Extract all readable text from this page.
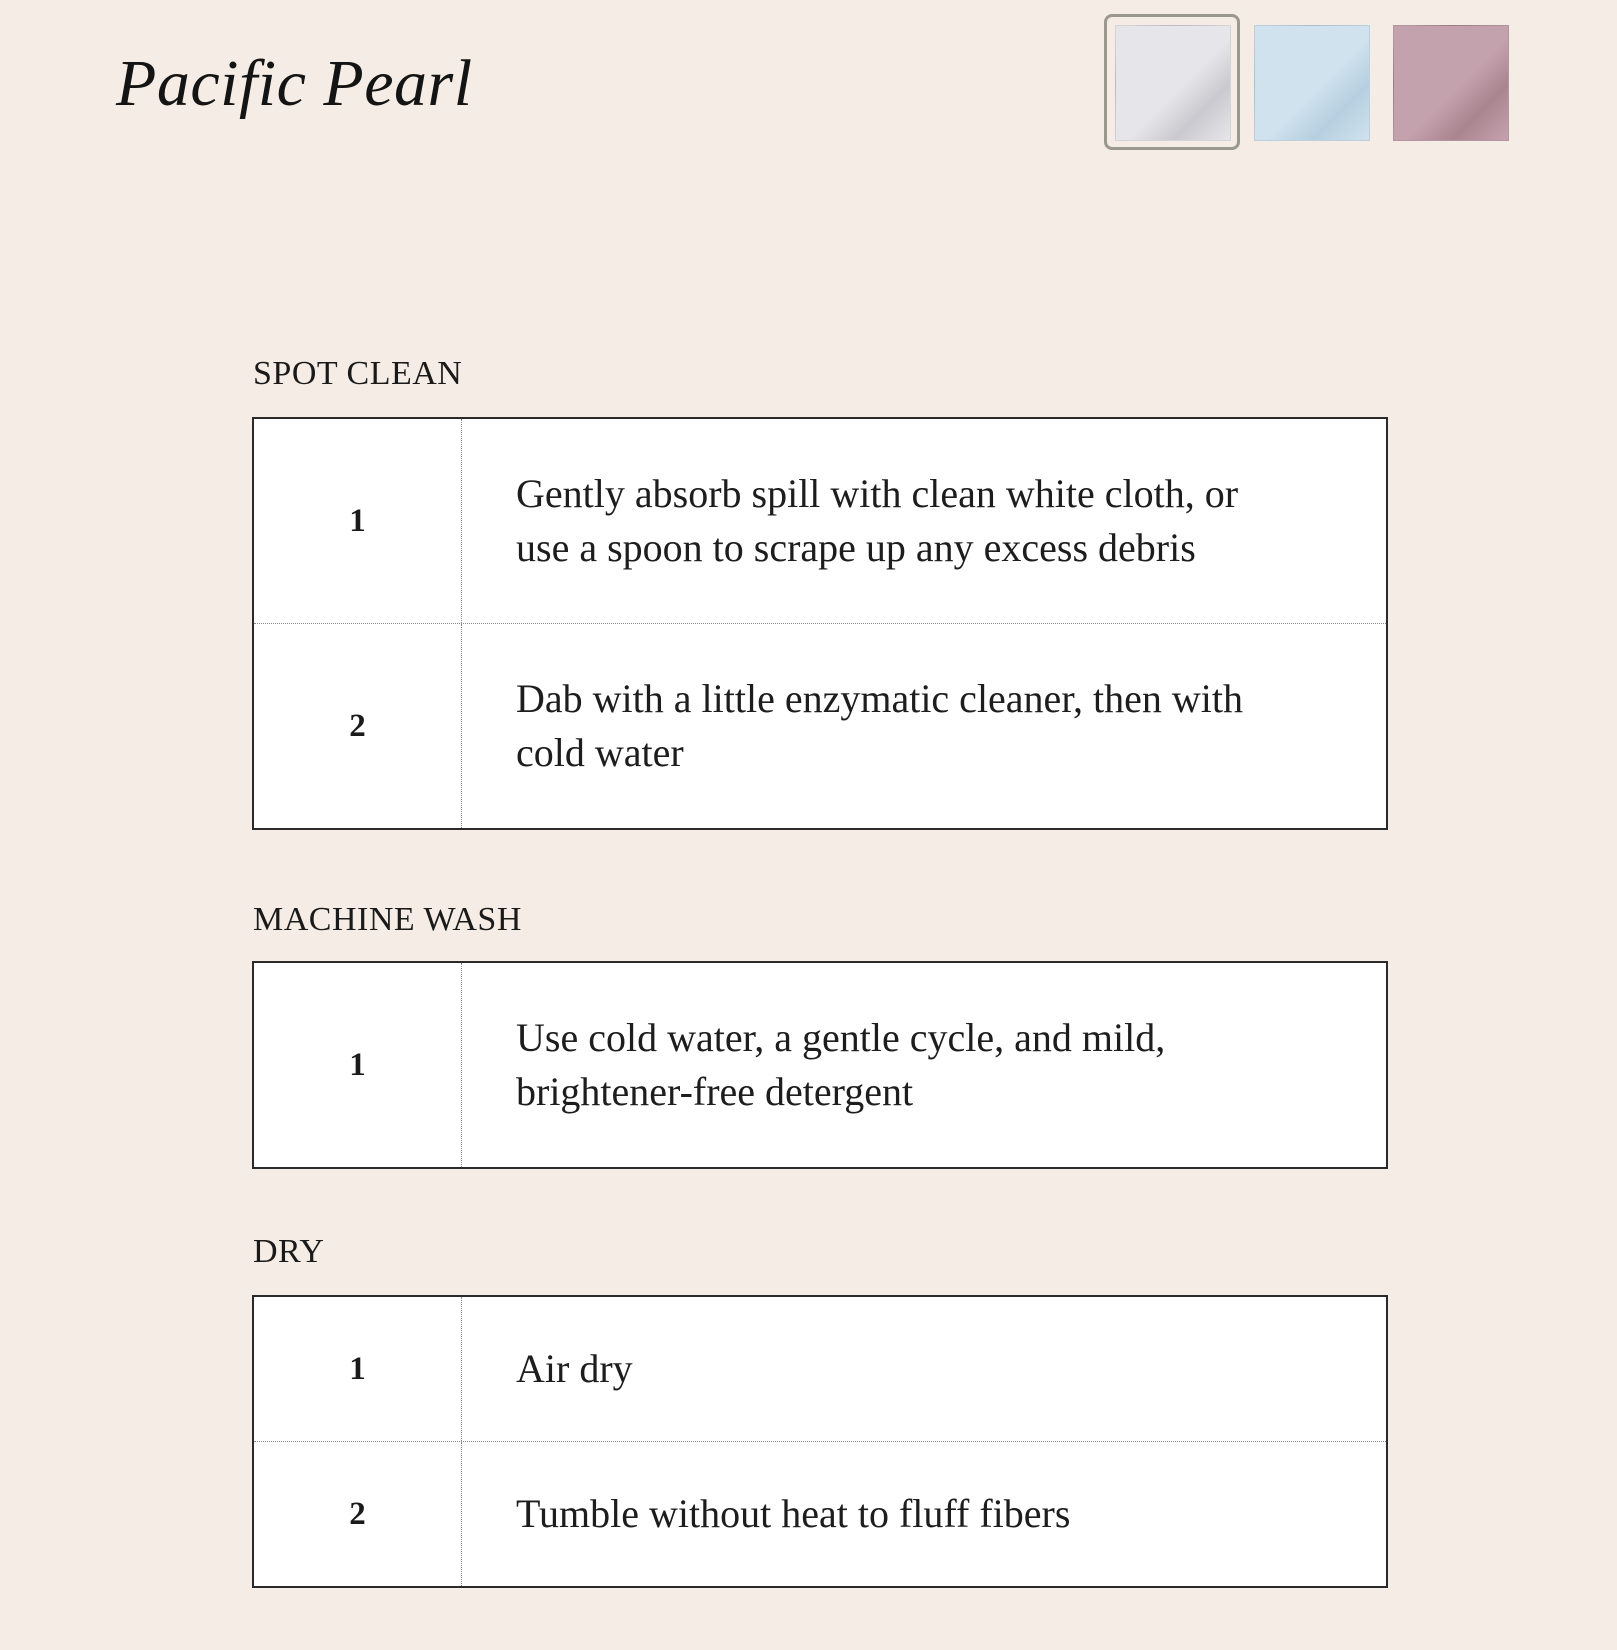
Pacific Pearl
SPOT CLEAN
1
Gently absorb spill with clean white cloth, or use a spoon to scrape up any excess debris
2
Dab with a little enzymatic cleaner, then with cold water
MACHINE WASH
1
Use cold water, a gentle cycle, and mild, brightener-free detergent
DRY
1	Air dry
2	Tumble without heat to fluff fibers
